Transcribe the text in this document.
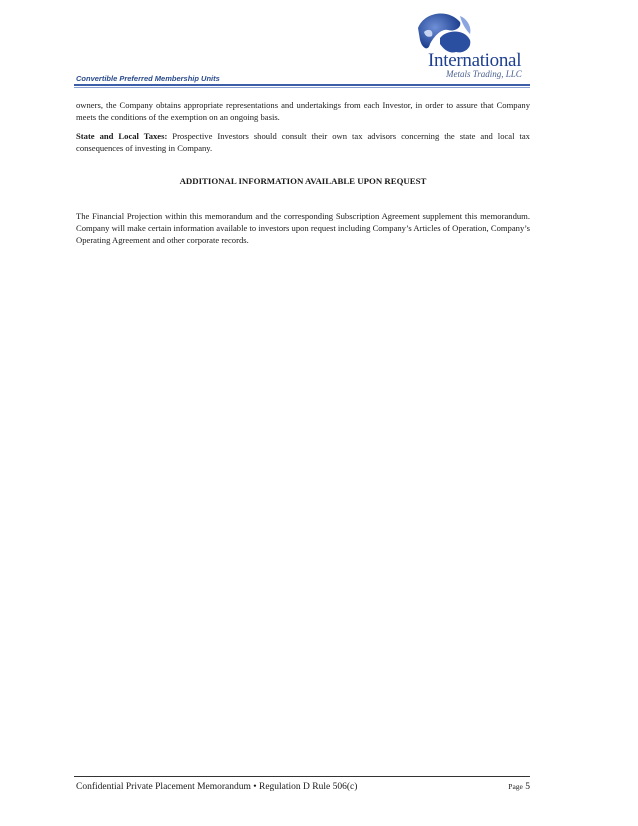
Convertible Preferred Membership Units
International
Metals Trading, LLC
owners, the Company obtains appropriate representations and undertakings from each Investor, in order to assure that Company meets the conditions of the exemption on an ongoing basis.
State and Local Taxes: Prospective Investors should consult their own tax advisors concerning the state and local tax consequences of investing in Company.
ADDITIONAL INFORMATION AVAILABLE UPON REQUEST
The Financial Projection within this memorandum and the corresponding Subscription Agreement supplement this memorandum. Company will make certain information available to investors upon request including Company’s Articles of Operation, Company’s Operating Agreement and other corporate records.
Confidential Private Placement Memorandum • Regulation D Rule 506(c)	Page 5
